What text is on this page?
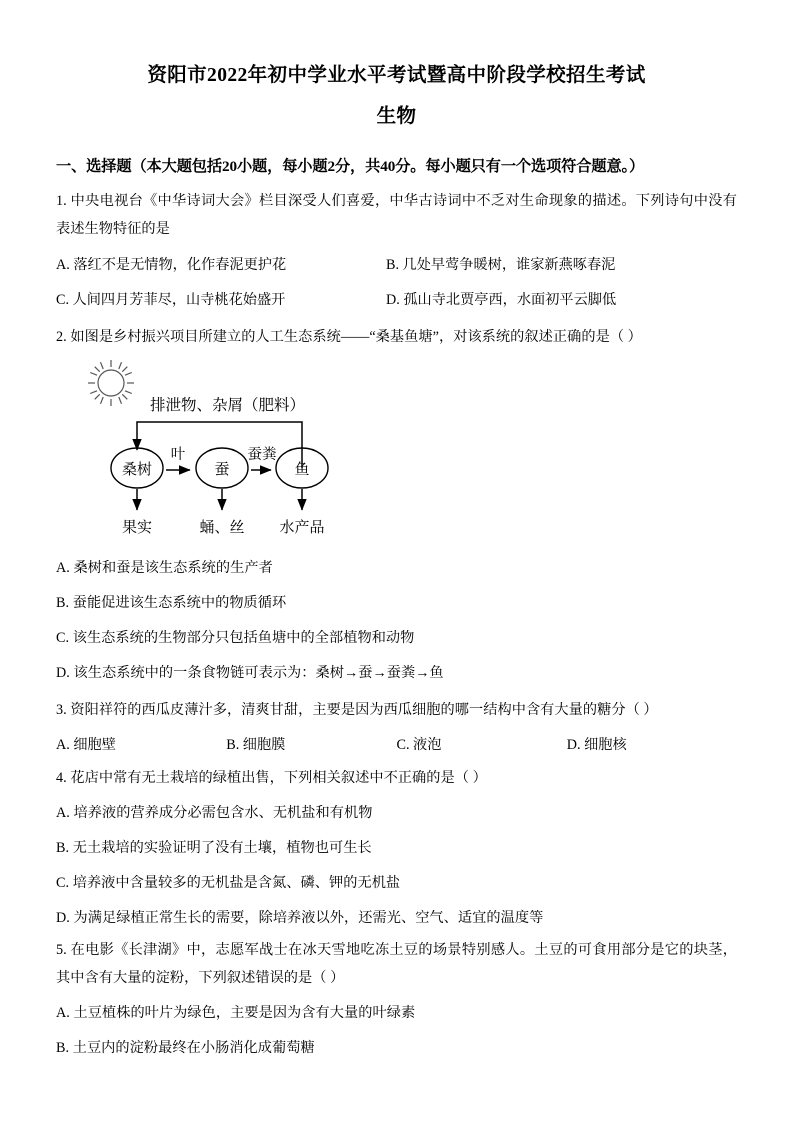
资阳市2022年初中学业水平考试暨高中阶段学校招生考试
生物

一、选择题（本大题包括20小题，每小题2分，共40分。每小题只有一个选项符合题意。）

1. 中央电视台《中华诗词大会》栏目深受人们喜爱，中华古诗词中不乏对生命现象的描述。下列诗句中没有表述生物特征的是

A. 落红不是无情物，化作春泥更护花	B. 几处早莺争暖树，谁家新燕啄春泥
C. 人间四月芳菲尽，山寺桃花始盛开	D. 孤山寺北贾亭西，水面初平云脚低

2. 如图是乡村振兴项目所建立的人工生态系统——“桑基鱼塘”，对该系统的叙述正确的是（ ）

排泄物、杂屑（肥料）
桑树	蚕	鱼
叶	蚕粪
果实	蛹、丝 水产品

A. 桑树和蚕是该生态系统的生产者

B. 蚕能促进该生态系统中的物质循环

C. 该生态系统的生物部分只包括鱼塘中的全部植物和动物

D. 该生态系统中的一条食物链可表示为：桑树→蚕→蚕粪→鱼

3. 资阳祥符的西瓜皮薄汁多，清爽甘甜，主要是因为西瓜细胞的哪一结构中含有大量的糖分（ ）

A. 细胞壁	B. 细胞膜	C. 液泡	D. 细胞核

4. 花店中常有无土栽培的绿植出售，下列相关叙述中不正确的是（ ）

A. 培养液的营养成分必需包含水、无机盐和有机物

B. 无土栽培的实验证明了没有土壤，植物也可生长

C. 培养液中含量较多的无机盐是含氮、磷、钾的无机盐

D. 为满足绿植正常生长的需要，除培养液以外，还需光、空气、适宜的温度等

5. 在电影《长津湖》中，志愿军战士在冰天雪地吃冻土豆的场景特别感人。土豆的可食用部分是它的块茎，其中含有大量的淀粉，下列叙述错误的是（ ）

A. 土豆植株的叶片为绿色，主要是因为含有大量的叶绿素

B. 土豆内的淀粉最终在小肠消化成葡萄糖
